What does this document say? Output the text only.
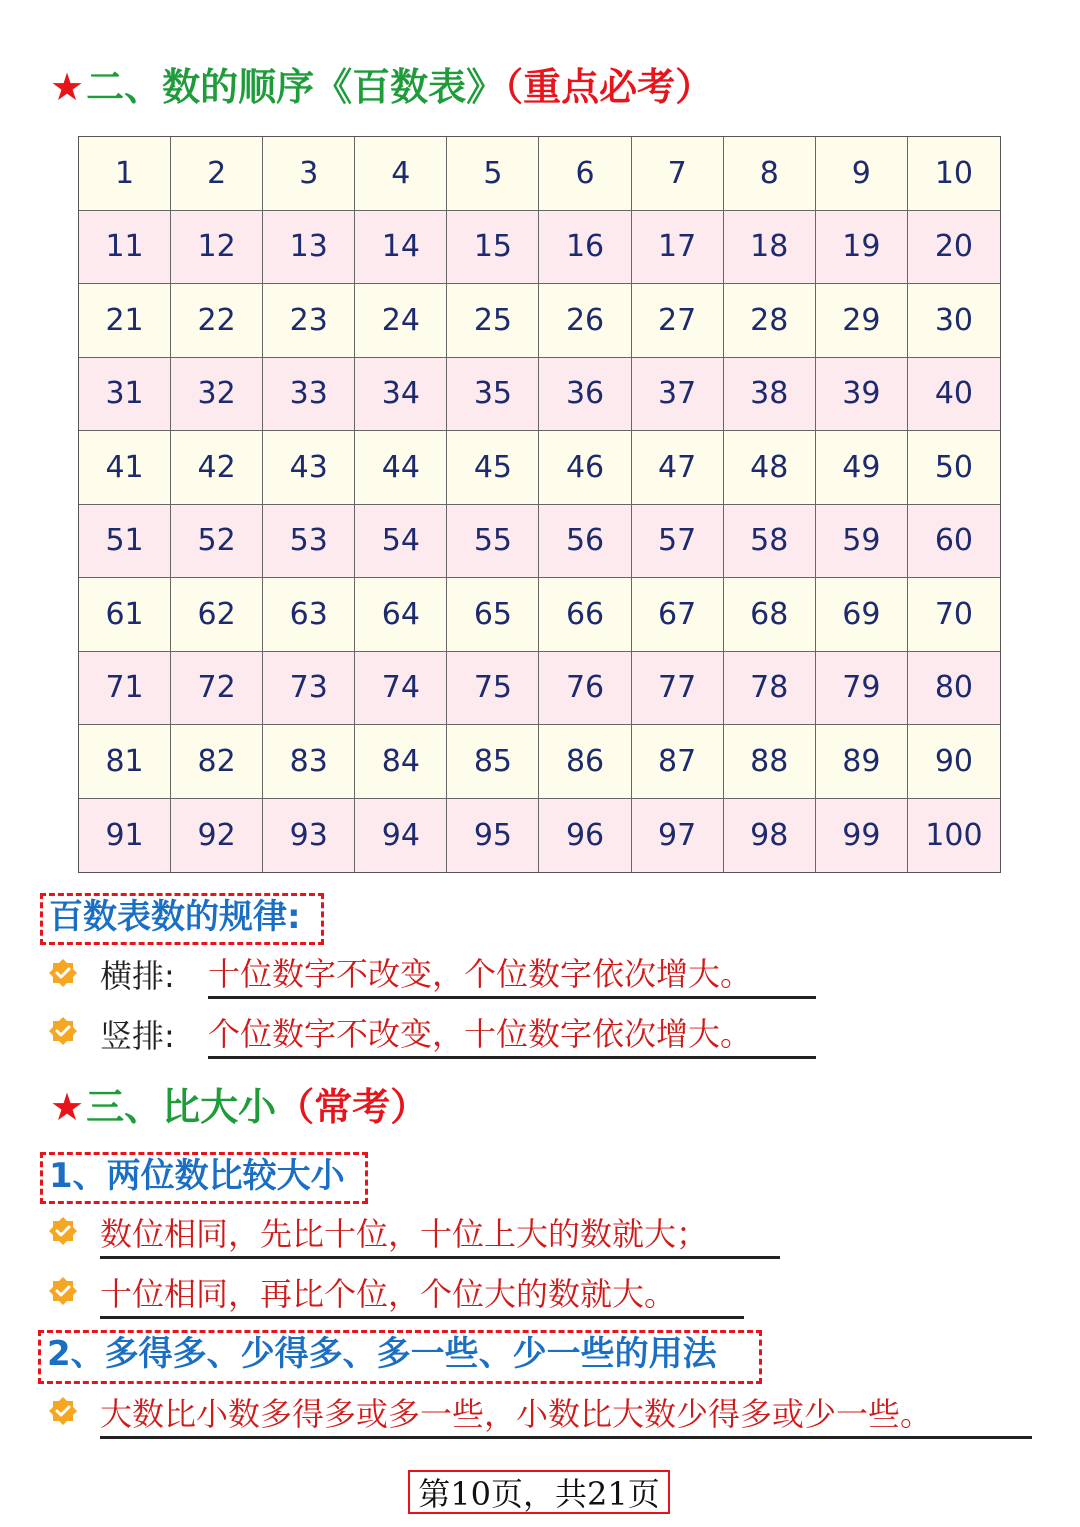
★二、数的顺序《百数表》（重点必考）
1	2	3	4	5	6	7	8	9	10
11	12	13	14	15	16	17	18	19	20
21	22	23	24	25	26	27	28	29	30
31	32	33	34	35	36	37	38	39	40
41	42	43	44	45	46	47	48	49	50
51	52	53	54	55	56	57	58	59	60
61	62	63	64	65	66	67	68	69	70
71	72	73	74	75	76	77	78	79	80
81	82	83	84	85	86	87	88	89	90
91	92	93	94	95	96	97	98	99	100
百数表数的规律:
横排: 十位数字不改变，个位数字依次增大。
竖排: 个位数字不改变，十位数字依次增大。
★三、比大小（常考）
1、两位数比较大小
数位相同，先比十位，十位上大的数就大；
十位相同，再比个位，个位大的数就大。
2、多得多、少得多、多一些、少一些的用法
大数比小数多得多或多一些，小数比大数少得多或少一些。
第10页，共21页
